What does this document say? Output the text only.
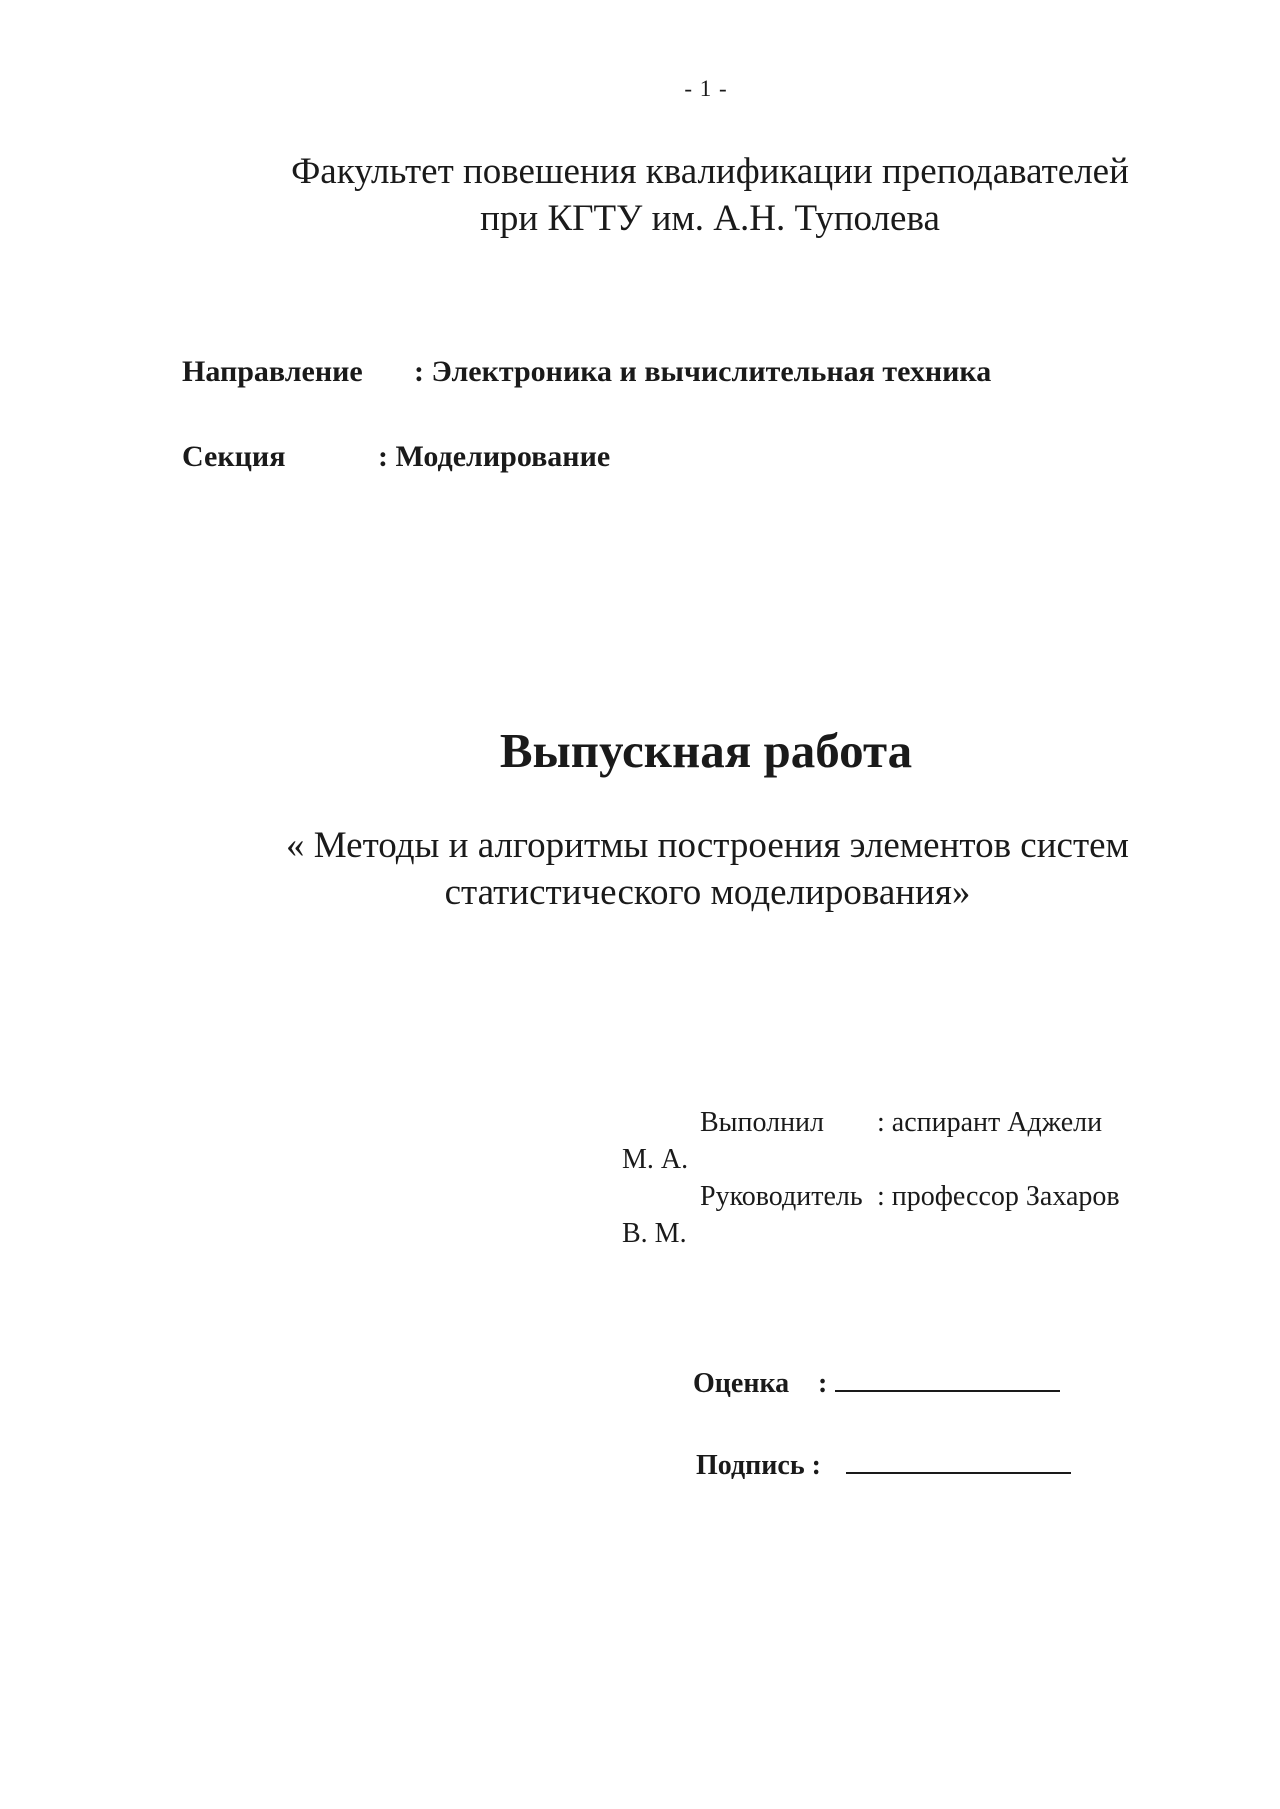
- 1 -
Факультет повешения квалификации преподавателей
при КГТУ им. А.Н. Туполева
Направление : Электроника и вычислительная техника
Секция	: Моделирование
Выпускная работа
« Методы и алгоритмы построения элементов систем
статистического моделирования»
Выполнил : аспирант Аджели
М. А.
Руководитель : профессор Захаров
В. М.
Оценка :
Подпись :
